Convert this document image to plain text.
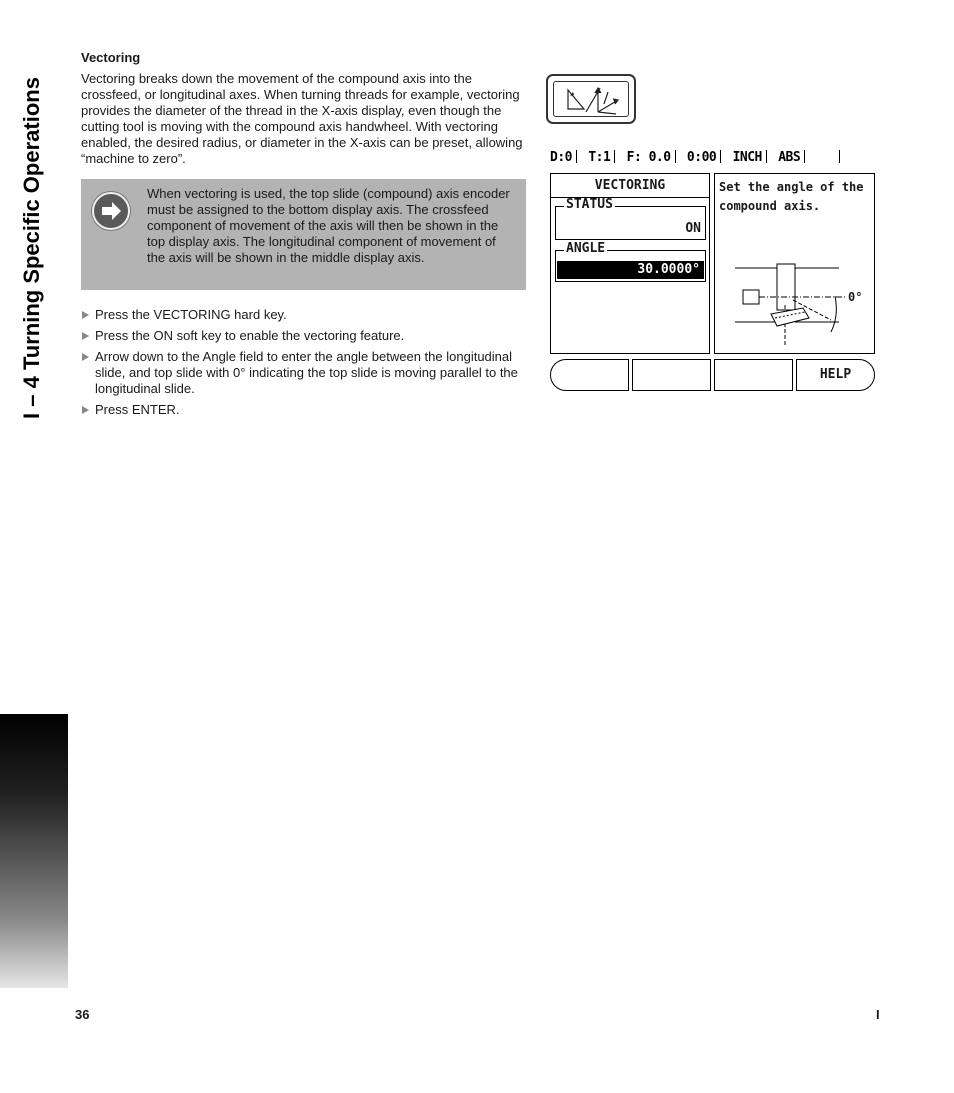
I – 4 Turning Specific Operations
Vectoring

Vectoring breaks down the movement of the compound axis into the crossfeed, or longitudinal axes. When turning threads for example, vectoring provides the diameter of the thread in the X-axis display, even though the cutting tool is moving with the compound axis handwheel. With vectoring enabled, the desired radius, or diameter in the X-axis can be preset, allowing “machine to zero”.

When vectoring is used, the top slide (compound) axis encoder must be assigned to the bottom display axis. The crossfeed component of movement of the axis will then be shown in the top display axis. The longitudinal component of movement of the axis will be shown in the middle display axis.

Press the VECTORING hard key.
Press the ON soft key to enable the vectoring feature.
Arrow down to the Angle field to enter the angle between the longitudinal slide, and top slide with 0° indicating the top slide is moving parallel to the longitudinal slide.
Press ENTER.
D:0 T:1 F: 0.0 0:00 INCH ABS
VECTORING
STATUS
ON
ANGLE
30.0000°
Set the angle of the compound axis.
0°
HELP
36	I
